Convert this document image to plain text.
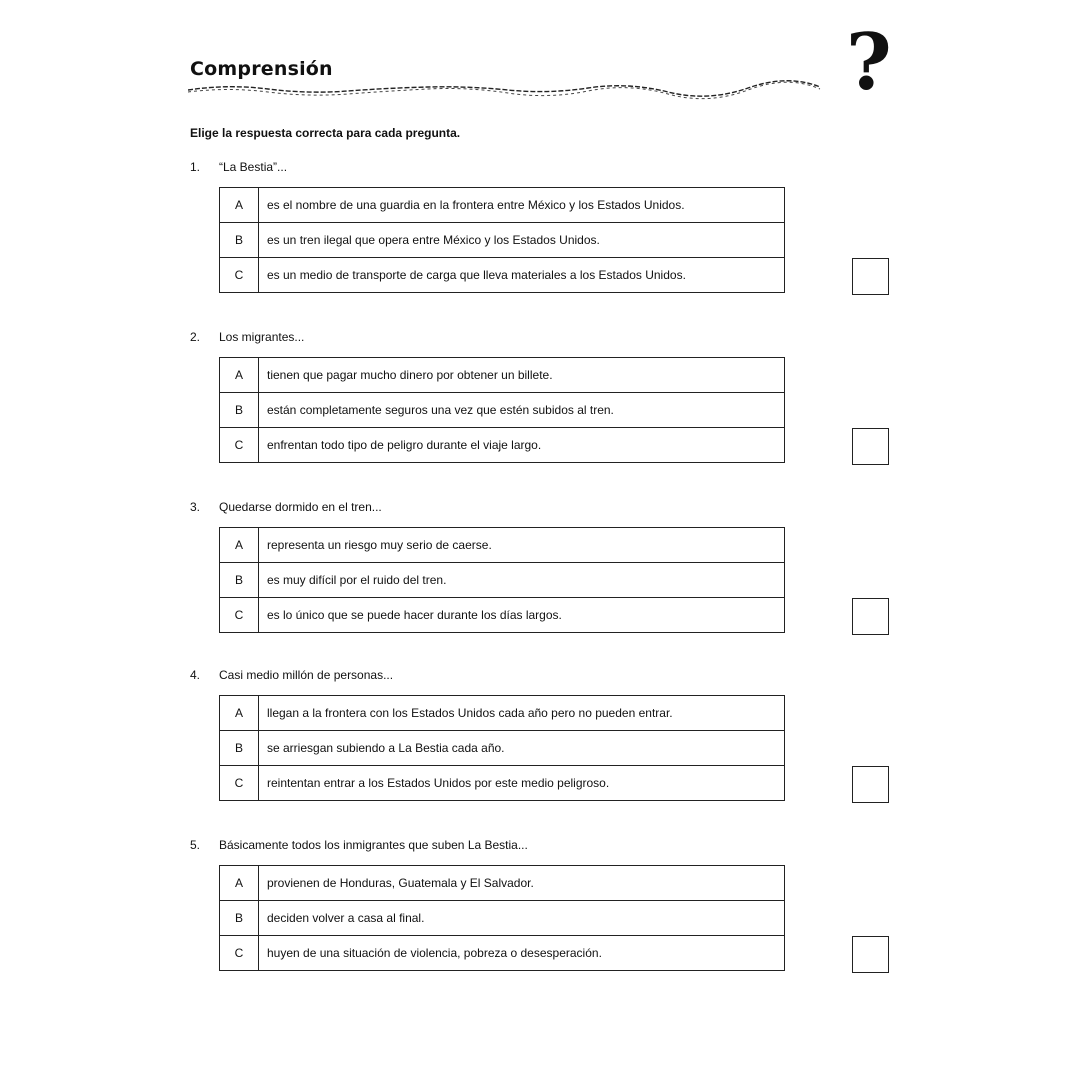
Comprensión	?
Elige la respuesta correcta para cada pregunta.
1. “La Bestia”...
A	es el nombre de una guardia en la frontera entre México y los Estados Unidos.
B	es un tren ilegal que opera entre México y los Estados Unidos.
C	es un medio de transporte de carga que lleva materiales a los Estados Unidos.
2. Los migrantes...
A	tienen que pagar mucho dinero por obtener un billete.
B	están completamente seguros una vez que estén subidos al tren.
C	enfrentan todo tipo de peligro durante el viaje largo.
3. Quedarse dormido en el tren...
A	representa un riesgo muy serio de caerse.
B	es muy difícil por el ruido del tren.
C	es lo único que se puede hacer durante los días largos.
4. Casi medio millón de personas...
A	llegan a la frontera con los Estados Unidos cada año pero no pueden entrar.
B	se arriesgan subiendo a La Bestia cada año.
C	reintentan entrar a los Estados Unidos por este medio peligroso.
5. Básicamente todos los inmigrantes que suben La Bestia...
A	provienen de Honduras, Guatemala y El Salvador.
B	deciden volver a casa al final.
C	huyen de una situación de violencia, pobreza o desesperación.
